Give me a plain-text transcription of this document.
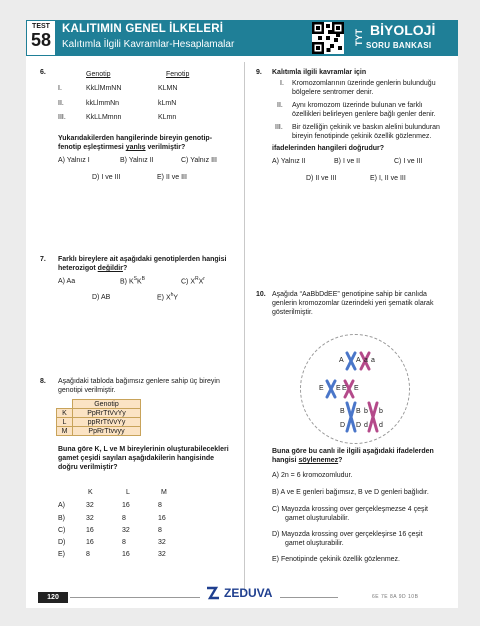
TEST
58
KALITIMIN GENEL İLKELERİ
Kalıtımla İlgili Kavramlar-Hesaplamalar	TYT BİYOLOJİ
SORU BANKASI
6.
		Genotip	Fenotip
I.	KkLlMmNN	KLMN
II.	kkLlmmNn	kLmN
III.	KkLLMmnn	KLmn
Yukarıdakilerden hangilerinde bireyin genotip-
fenotip eşleştirmesi yanlış verilmiştir?
A) Yalnız I	B) Yalnız II	C) Yalnız III
D) I ve III	E) II ve III
7. Farklı bireylere ait aşağıdaki genotiplerden hangisi
heterozigot değildir?
A) Aa	B) $K^SK^B$	C) $X^RX^r$
D) AB	E) $X^hY$
8. Aşağıdaki tabloda bağımsız genlere sahip üç bireyin
genotipi verilmiştir.
	Genotip
K	PpRrTtVvYy
L	ppRrTtVvYy
M	PpRrTtvvyy
Buna göre K, L ve M bireylerinin oluşturabilecekleri
gamet çeşidi sayıları aşağıdakilerin hangisinde
doğru verilmiştir?
K	L	M
A)	32	16	8
B)	32	8	16
C)	16	32	8
D)	16	8	32
E)	8	16	32
9. Kalıtımla ilgili kavramlar için
I. Kromozomlarının üzerinde genlerin bulunduğu
bölgelere sentromer denir.
II. Aynı kromozom üzerinde bulunan ve farklı
özellikleri belirleyen genlere bağlı genler denir.
III. Bir özelliğin çekinik ve baskın alelini bulunduran
bireyin fenotipinde çekinik özellik gözlenmez.
ifadelerinden hangileri doğrudur?
A) Yalnız II	B) I ve II	C) I ve III
D) II ve III	E) I, II ve III
10. Aşağıda “AaBbDdEE” genotipine sahip bir canlıda
genlerin kromozomlar üzerindeki yeri şematik olarak
gösterilmiştir.
A A a a
E E E E
B B b b
D D d d
Buna göre bu canlı ile ilgili aşağıdaki ifadelerden
hangisi söylenemez?
A) 2n = 6 kromozomludur.
B) A ve E genleri bağımsız, B ve D genleri bağlıdır.
C) Mayozda krossing over gerçekleşmezse 4 çeşit
gamet oluşturulabilir.
D) Mayozda krossing over gerçekleşirse 16 çeşit
gamet oluşturabilir.
E) Fenotipinde çekinik özellik gözlenmez.
120	ZEDUVA	6E 7E 8A 9D 10B
